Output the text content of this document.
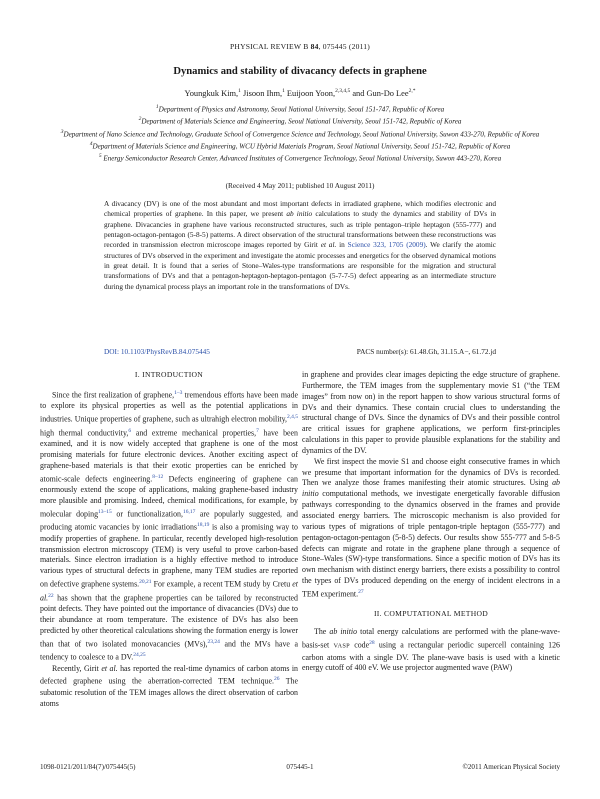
PHYSICAL REVIEW B 84, 075445 (2011)
Dynamics and stability of divacancy defects in graphene
Youngkuk Kim,$^1$ Jisoon Ihm,$^1$ Euijoon Yoon,$^{2,3,4,5}$ and Gun-Do Lee$^{2,*}$
$^1$Department of Physics and Astronomy, Seoul National University, Seoul 151-747, Republic of Korea
$^2$Department of Materials Science and Engineering, Seoul National University, Seoul 151-742, Republic of Korea
$^3$Department of Nano Science and Technology, Graduate School of Convergence Science and Technology, Seoul National University, Suwon 433-270, Republic of Korea
$^4$Department of Materials Science and Engineering, WCU Hybrid Materials Program, Seoul National University, Seoul 151-742, Republic of Korea
$^5$ Energy Semiconductor Research Center, Advanced Institutes of Convergence Technology, Seoul National University, Suwon 443-270, Korea
(Received 4 May 2011; published 10 August 2011)
A divacancy (DV) is one of the most abundant and most important defects in irradiated graphene, which modifies electronic and chemical properties of graphene. In this paper, we present ab initio calculations to study the dynamics and stability of DVs in graphene. Divacancies in graphene have various reconstructed structures, such as triple pentagon–triple heptagon (555-777) and pentagon-octagon-pentagon (5-8-5) patterns. A direct observation of the structural transformations between these reconstructions was recorded in transmission electron microscope images reported by Girit et al. in Science 323, 1705 (2009). We clarify the atomic structures of DVs observed in the experiment and investigate the atomic processes and energetics for the observed dynamical motions in great detail. It is found that a series of Stone–Wales-type transformations are responsible for the migration and structural transformations of DVs and that a pentagon-heptagon-heptagon-pentagon (5-7-7-5) defect appearing as an intermediate structure during the dynamical process plays an important role in the transformations of DVs.
DOI: 10.1103/PhysRevB.84.075445	PACS number(s): 61.48.Gh, 31.15.A−, 61.72.jd
I. INTRODUCTION

Since the first realization of graphene,$^{1-3}$ tremendous efforts have been made to explore its physical properties as well as the potential applications in industries. Unique properties of graphene, such as ultrahigh electron mobility,$^{2,4,5}$ high thermal conductivity,$^6$ and extreme mechanical properties,$^7$ have been examined, and it is now widely accepted that graphene is one of the most promising materials for future electronic devices. Another exciting aspect of graphene-based materials is that their exotic properties can be enriched by atomic-scale defects engineering.$^{8-12}$ Defects engineering of graphene can enormously extend the scope of applications, making graphene-based industry more plausible and promising. Indeed, chemical modifications, for example, by molecular doping$^{13-15}$ or functionalization,$^{16,17}$ are popularly suggested, and producing atomic vacancies by ionic irradiations$^{18,19}$ is also a promising way to modify properties of graphene. In particular, recently developed high-resolution transmission electron microscopy (TEM) is very useful to prove carbon-based materials. Since electron irradiation is a highly effective method to introduce various types of structural defects in graphene, many TEM studies are reported on defective graphene systems.$^{20,21}$ For example, a recent TEM study by Cretu et al.$^{22}$ has shown that the graphene properties can be tailored by reconstructed point defects. They have pointed out the importance of divacancies (DVs) due to their abundance at room temperature. The existence of DVs has also been predicted by other theoretical calculations showing the formation energy is lower than that of two isolated monovacancies (MVs),$^{23,24}$ and the MVs have a tendency to coalesce to a DV.$^{24,25}$

Recently, Girit et al. has reported the real-time dynamics of carbon atoms in defected graphene using the aberration-corrected TEM technique.$^{26}$ The subatomic resolution of the TEM images allows the direct observation of carbon atoms

in graphene and provides clear images depicting the edge structure of graphene. Furthermore, the TEM images from the supplementary movie S1 (“the TEM images” from now on) in the report happen to show various structural forms of DVs and their dynamics. These contain crucial clues to understanding the structural change of DVs. Since the dynamics of DVs and their possible control are critical issues for graphene applications, we perform first-principles calculations in this paper to provide plausible explanations for the stability and dynamics of the DV.

We first inspect the movie S1 and choose eight consecutive frames in which we presume that important information for the dynamics of DVs is recorded. Then we analyze those frames manifesting their atomic structures. Using ab initio computational methods, we investigate energetically favorable diffusion pathways corresponding to the dynamics observed in the frames and provide associated energy barriers. The microscopic mechanism is also provided for various types of migrations of triple pentagon-triple heptagon (555-777) and pentagon-octagon-pentagon (5-8-5) defects. Our results show 555-777 and 5-8-5 defects can migrate and rotate in the graphene plane through a sequence of Stone–Wales (SW)-type transformations. Since a specific motion of DVs has its own mechanism with distinct energy barriers, there exists a possibility to control the types of DVs produced depending on the energy of incident electrons in a TEM experiment.$^{27}$

II. COMPUTATIONAL METHOD

The ab initio total energy calculations are performed with the plane-wave-basis-set VASP code$^{28}$ using a rectangular periodic supercell containing 126 carbon atoms with a single DV. The plane-wave basis is used with a kinetic energy cutoff of 400 eV. We use projector augmented wave (PAW)

1098-0121/2011/84(7)/075445(5)	075445-1	©2011 American Physical Society
